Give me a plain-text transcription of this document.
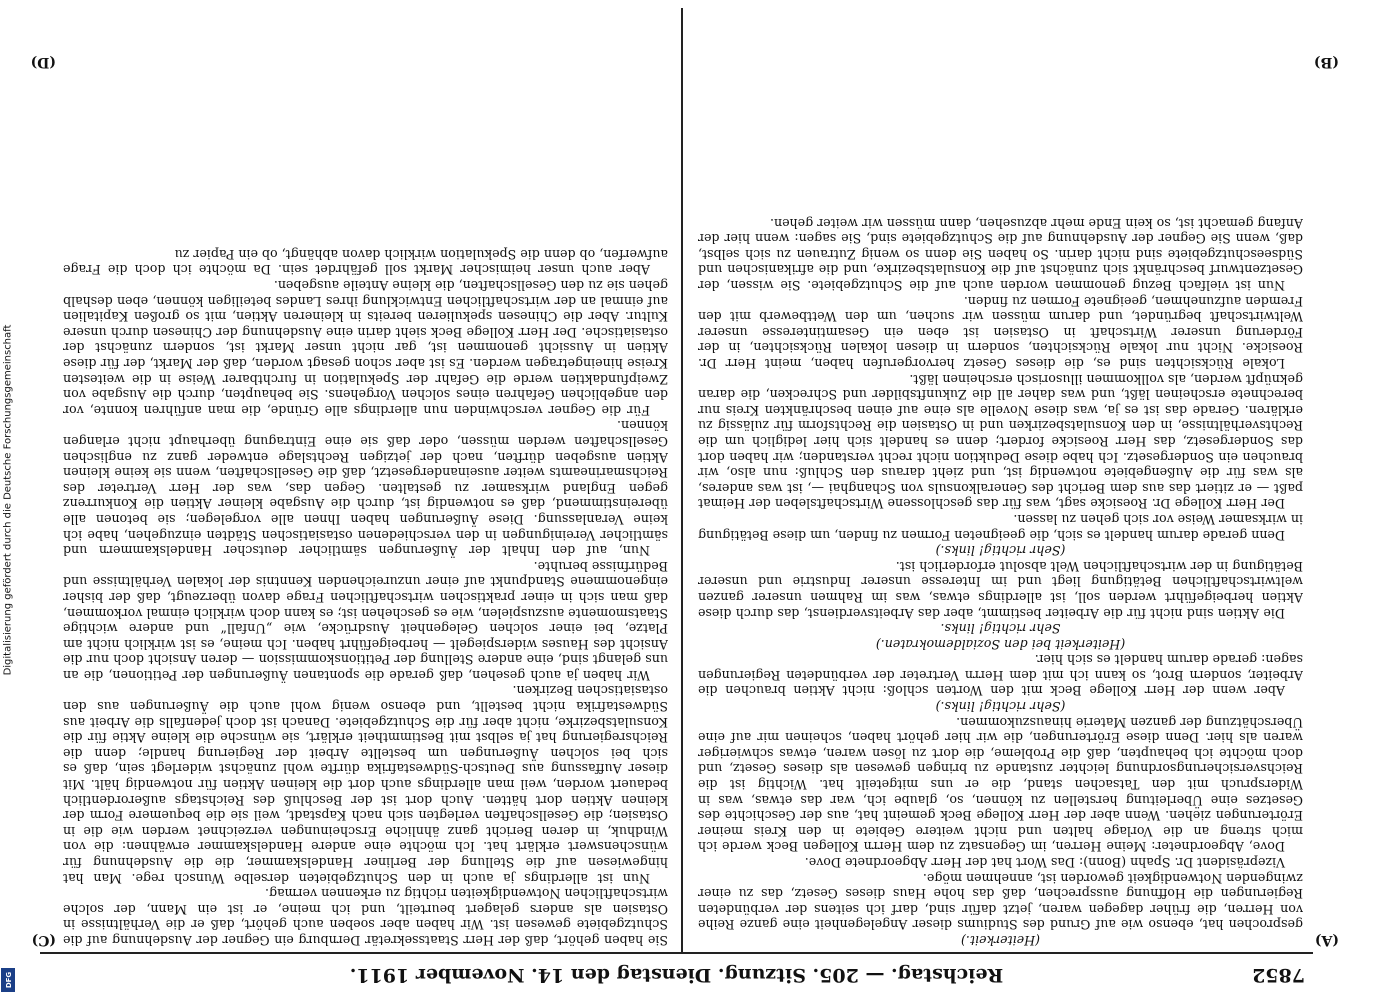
7852
Reichstag. — 205. Sitzung. Dienstag den 14. November 1911.
(A)
(B)
(C)
(D)

(Heiterkeit.)

gesprochen hat, ebenso wie auf Grund des Studiums dieser Angelegenheit eine ganze Reihe von Herren, die früher dagegen waren, jetzt dafür sind, darf ich seitens der verbündeten Regierungen die Hoffnung aussprechen, daß das hohe Haus dieses Gesetz, das zu einer zwingenden Notwendigkeit geworden ist, annehmen möge.

Vizepräsident Dr. Spahn (Bonn): Das Wort hat der Herr Abgeordnete Dove.

Dove, Abgeordneter: Meine Herren, im Gegensatz zu dem Herrn Kollegen Beck werde ich mich streng an die Vorlage halten und nicht weitere Gebiete in den Kreis meiner Erörterungen ziehen. Wenn aber der Herr Kollege Beck gemeint hat, aus der Geschichte des Gesetzes eine Überleitung herstellen zu können, so, glaube ich, war das etwas, was in Widerspruch mit den Tatsachen stand, die er uns mitgeteilt hat. Wichtig ist die Reichsversicherungsordnung leichter zustande zu bringen gewesen als dieses Gesetz, und doch möchte ich behaupten, daß die Probleme, die dort zu lösen waren, etwas schwieriger waren als hier. Denn diese Erörterungen, die wir hier gehört haben, scheinen mir auf eine Überschätzung der ganzen Materie hinauszukommen.

(Sehr richtig! links.)

Aber wenn der Herr Kollege Beck mit den Worten schloß: nicht Aktien brauchen die Arbeiter, sondern Brot, so kann ich mit dem Herrn Vertreter der verbündeten Regierungen sagen: gerade darum handelt es sich hier.

(Heiterkeit bei den Sozialdemokraten.)

Sehr richtig! links.

Die Aktien sind nicht für die Arbeiter bestimmt, aber das Arbeitsverdienst, das durch diese Aktien herbeigeführt werden soll, ist allerdings etwas, was im Rahmen unserer ganzen weltwirtschaftlichen Betätigung liegt und im Interesse unserer Industrie und unserer Betätigung in der wirtschaftlichen Welt absolut erforderlich ist.

(Sehr richtig! links.)

Denn gerade darum handelt es sich, die geeigneten Formen zu finden, um diese Betätigung in wirksamer Weise vor sich gehen zu lassen.

Der Herr Kollege Dr. Roesicke sagt, was für das geschlossene Wirtschaftsleben der Heimat paßt — er zitiert das aus dem Bericht des Generalkonsuls von Schanghai —, ist was anderes, als was für die Außengebiete notwendig ist, und zieht daraus den Schluß: nun also, wir brauchen ein Sondergesetz. Ich habe diese Deduktion nicht recht verstanden; wir haben dort das Sondergesetz, das Herr Roesicke fordert; denn es handelt sich hier lediglich um die Rechtsverhältnisse, in den Konsulatsbezirken und in Ostasien die Rechtsform für zulässig zu erklären. Gerade das ist es ja, was diese Novelle als eine auf einen beschränkten Kreis nur berechnete erscheinen läßt, und was daher all die Zukunftsbilder und Schrecken, die daran geknüpft werden, als vollkommen illusorisch erscheinen läßt.

Lokale Rücksichten sind es, die dieses Gesetz hervorgerufen haben, meint Herr Dr. Roesicke. Nicht nur lokale Rücksichten, sondern in diesen lokalen Rücksichten, in der Förderung unserer Wirtschaft in Ostasien ist eben ein Gesamtinteresse unserer Weltwirtschaft begründet, und darum müssen wir suchen, um den Wettbewerb mit den Fremden aufzunehmen, geeignete Formen zu finden.

Nun ist vielfach Bezug genommen worden auch auf die Schutzgebiete. Sie wissen, der Gesetzentwurf beschränkt sich zunächst auf die Konsulatsbezirke, und die afrikanischen und Südseeschutzgebiete sind nicht darin. So haben Sie denn so wenig Zutrauen zu sich selbst, daß, wenn Sie Gegner der Ausdehnung auf die Schutzgebiete sind, Sie sagen: wenn hier der Anfang gemacht ist, so kein Ende mehr abzusehen, dann müssen wir weiter gehen.

Sie haben gehört, daß der Herr Staatssekretär Dernburg ein Gegner der Ausdehnung auf die Schutzgebiete gewesen ist. Wir haben aber soeben auch gehört, daß er die Verhältnisse in Ostasien als anders gelagert beurteilt, und ich meine, er ist ein Mann, der solche wirtschaftlichen Notwendigkeiten richtig zu erkennen vermag.

Nun ist allerdings ja auch in den Schutzgebieten derselbe Wunsch rege. Man hat hingewiesen auf die Stellung der Berliner Handelskammer, die die Ausdehnung für wünschenswert erklärt hat. Ich möchte eine andere Handelskammer erwähnen: die von Windhuk, in deren Bericht ganz ähnliche Erscheinungen verzeichnet werden wie die in Ostasien; die Gesellschaften verlegten sich nach Kapstadt, weil sie die bequemere Form der kleinen Aktien dort hätten. Auch dort ist der Beschluß des Reichstags außerordentlich bedauert worden, weil man allerdings auch dort die kleinen Aktien für notwendig hält. Mit dieser Auffassung aus Deutsch-Südwestafrika dürfte wohl zunächst widerlegt sein, daß es sich bei solchen Äußerungen um bestellte Arbeit der Regierung handle; denn die Reichsregierung hat ja selbst mit Bestimmtheit erklärt, sie wünsche die kleine Aktie für die Konsulatsbezirke, nicht aber für die Schutzgebiete. Danach ist doch jedenfalls die Arbeit aus Südwestafrika nicht bestellt, und ebenso wenig wohl auch die Äußerungen aus den ostasiatischen Bezirken.

Wir haben ja auch gesehen, daß gerade die spontanen Äußerungen der Petitionen, die an uns gelangt sind, eine andere Stellung der Petitionskommission — deren Ansicht doch nur die Ansicht des Hauses widerspiegelt — herbeigeführt haben. Ich meine, es ist wirklich nicht am Platze, bei einer solchen Gelegenheit Ausdrücke, wie „Unfall“ und andere wichtige Staatsmomente auszuspielen, wie es geschehen ist; es kann doch wirklich einmal vorkommen, daß man sich in einer praktischen wirtschaftlichen Frage davon überzeugt, daß der bisher eingenommene Standpunkt auf einer unzureichenden Kenntnis der lokalen Verhältnisse und Bedürfnisse beruhte.

Nun, auf den Inhalt der Äußerungen sämtlicher deutscher Handelskammern und sämtlicher Vereinigungen in den verschiedenen ostasiatischen Städten einzugehen, habe ich keine Veranlassung. Diese Äußerungen haben Ihnen alle vorgelegen; sie betonen alle übereinstimmend, daß es notwendig ist, durch die Ausgabe kleiner Aktien die Konkurrenz gegen England wirksamer zu gestalten. Gegen das, was der Herr Vertreter des Reichsmarineamts weiter auseinandergesetzt, daß die Gesellschaften, wenn sie keine kleinen Aktien ausgeben dürften, nach der jetzigen Rechtslage entweder ganz zu englischen Gesellschaften werden müssen, oder daß sie eine Eintragung überhaupt nicht erlangen können.

Für die Gegner verschwinden nun allerdings alle Gründe, die man anführen konnte, vor den angeblichen Gefahren eines solchen Vorgehens. Sie behaupten, durch die Ausgabe von Zweipfundaktien werde die Gefahr der Spekulation in furchtbarer Weise in die weitesten Kreise hineingetragen werden. Es ist aber schon gesagt worden, daß der Markt, der für diese Aktien in Aussicht genommen ist, gar nicht unser Markt ist, sondern zunächst der ostasiatische. Der Herr Kollege Beck sieht darin eine Ausdehnung der Chinesen durch unsere Kultur. Aber die Chinesen spekulieren bereits in kleineren Aktien, mit so großen Kapitalien auf einmal an der wirtschaftlichen Entwicklung ihres Landes beteiligen können, eben deshalb gehen sie zu den Gesellschaften, die kleine Anteile ausgeben.

Aber auch unser heimischer Markt soll gefährdet sein. Da möchte ich doch die Frage aufwerfen, ob denn die Spekulation wirklich davon abhängt, ob ein Papier zu

Digitalisierung gefördert durch die Deutsche Forschungsgemeinschaft
DFG
